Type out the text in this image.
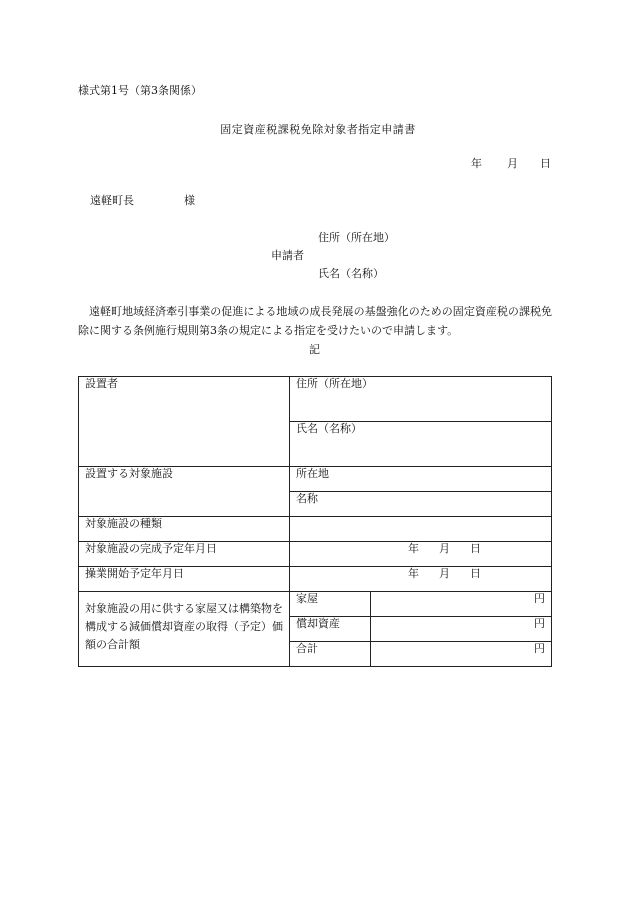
様式第1号（第3条関係）
固定資産税課税免除対象者指定申請書
年 月 日
遠軽町長	様
住所（所在地）
申請者
氏名（名称）
遠軽町地域経済牽引事業の促進による地域の成長発展の基盤強化のための固定資産税の課税免除に関する条例施行規則第3条の規定による指定を受けたいので申請します。
記
設置者	住所（所在地）	
	氏名（名称）	
設置する対象施設	所在地	
	名称	
対象施設の種類		
対象施設の完成予定年月日	年 月 日	

操業開始予定年月日	年 月 日	

対象施設の用に供する家屋又は構築物を構成する減価償却資産の取得（予定）価額の合計額	家屋	円
	償却資産	円
	合計	円
